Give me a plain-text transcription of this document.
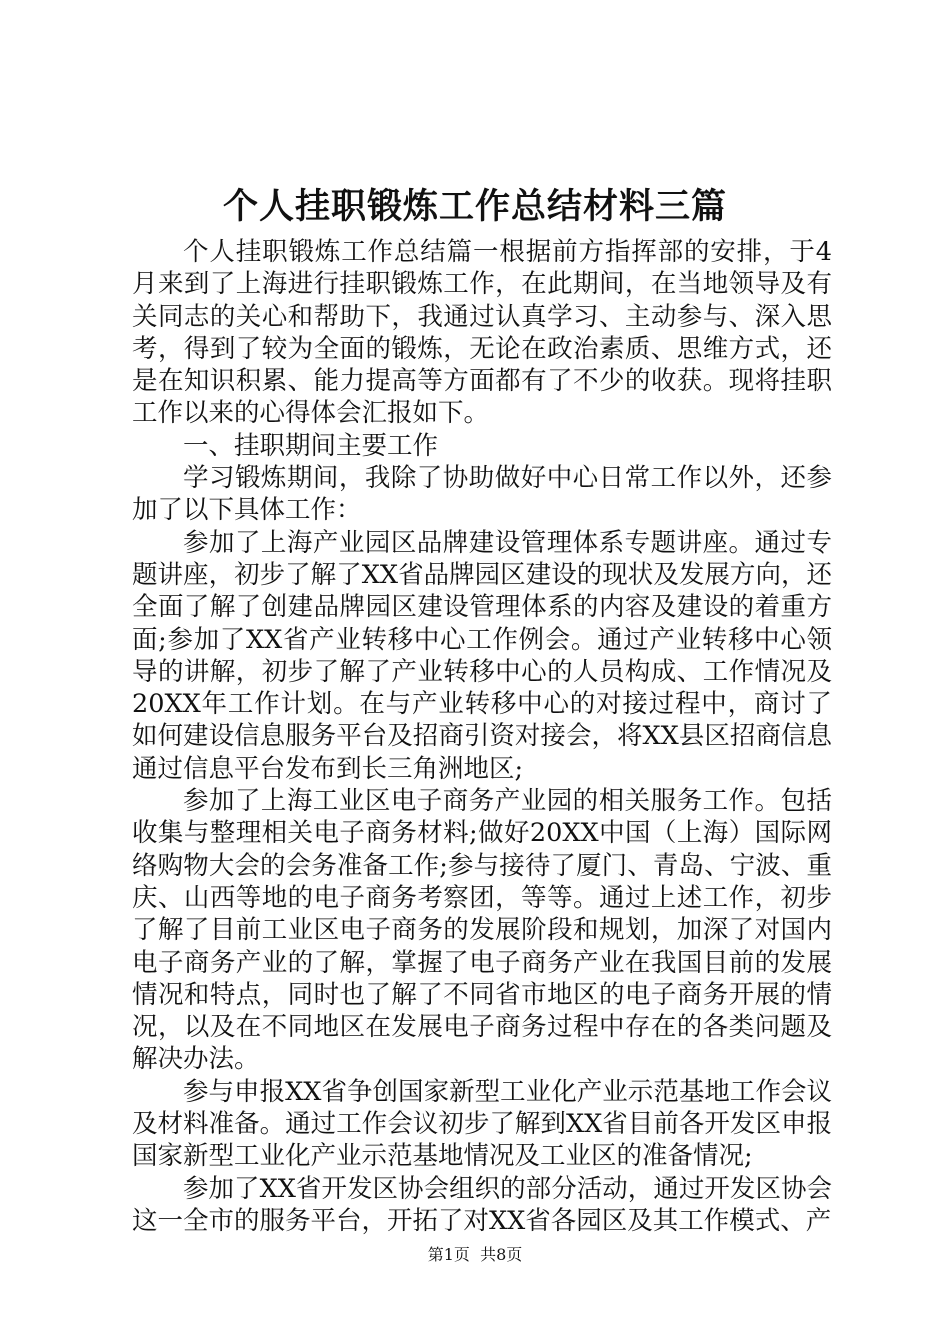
个人挂职锻炼工作总结材料三篇

个人挂职锻炼工作总结篇一根据前方指挥部的安排，于4月来到了上海进行挂职锻炼工作，在此期间，在当地领导及有关同志的关心和帮助下，我通过认真学习、主动参与、深入思考，得到了较为全面的锻炼，无论在政治素质、思维方式，还是在知识积累、能力提高等方面都有了不少的收获。现将挂职工作以来的心得体会汇报如下。

一、挂职期间主要工作

学习锻炼期间，我除了协助做好中心日常工作以外，还参加了以下具体工作：

参加了上海产业园区品牌建设管理体系专题讲座。通过专题讲座，初步了解了XX省品牌园区建设的现状及发展方向，还全面了解了创建品牌园区建设管理体系的内容及建设的着重方面;参加了XX省产业转移中心工作例会。通过产业转移中心领导的讲解，初步了解了产业转移中心的人员构成、工作情况及20XX年工作计划。在与产业转移中心的对接过程中，商讨了如何建设信息服务平台及招商引资对接会，将XX县区招商信息通过信息平台发布到长三角洲地区;

参加了上海工业区电子商务产业园的相关服务工作。包括收集与整理相关电子商务材料;做好20XX中国（上海）国际网络购物大会的会务准备工作;参与接待了厦门、青岛、宁波、重庆、山西等地的电子商务考察团，等等。通过上述工作，初步了解了目前工业区电子商务的发展阶段和规划，加深了对国内电子商务产业的了解，掌握了电子商务产业在我国目前的发展情况和特点，同时也了解了不同省市地区的电子商务开展的情况，以及在不同地区在发展电子商务过程中存在的各类问题及解决办法。

参与申报XX省争创国家新型工业化产业示范基地工作会议及材料准备。通过工作会议初步了解到XX省目前各开发区申报国家新型工业化产业示范基地情况及工业区的准备情况;

参加了XX省开发区协会组织的部分活动，通过开发区协会这一全市的服务平台，开拓了对XX省各园区及其工作模式、产

第1页  共8页
